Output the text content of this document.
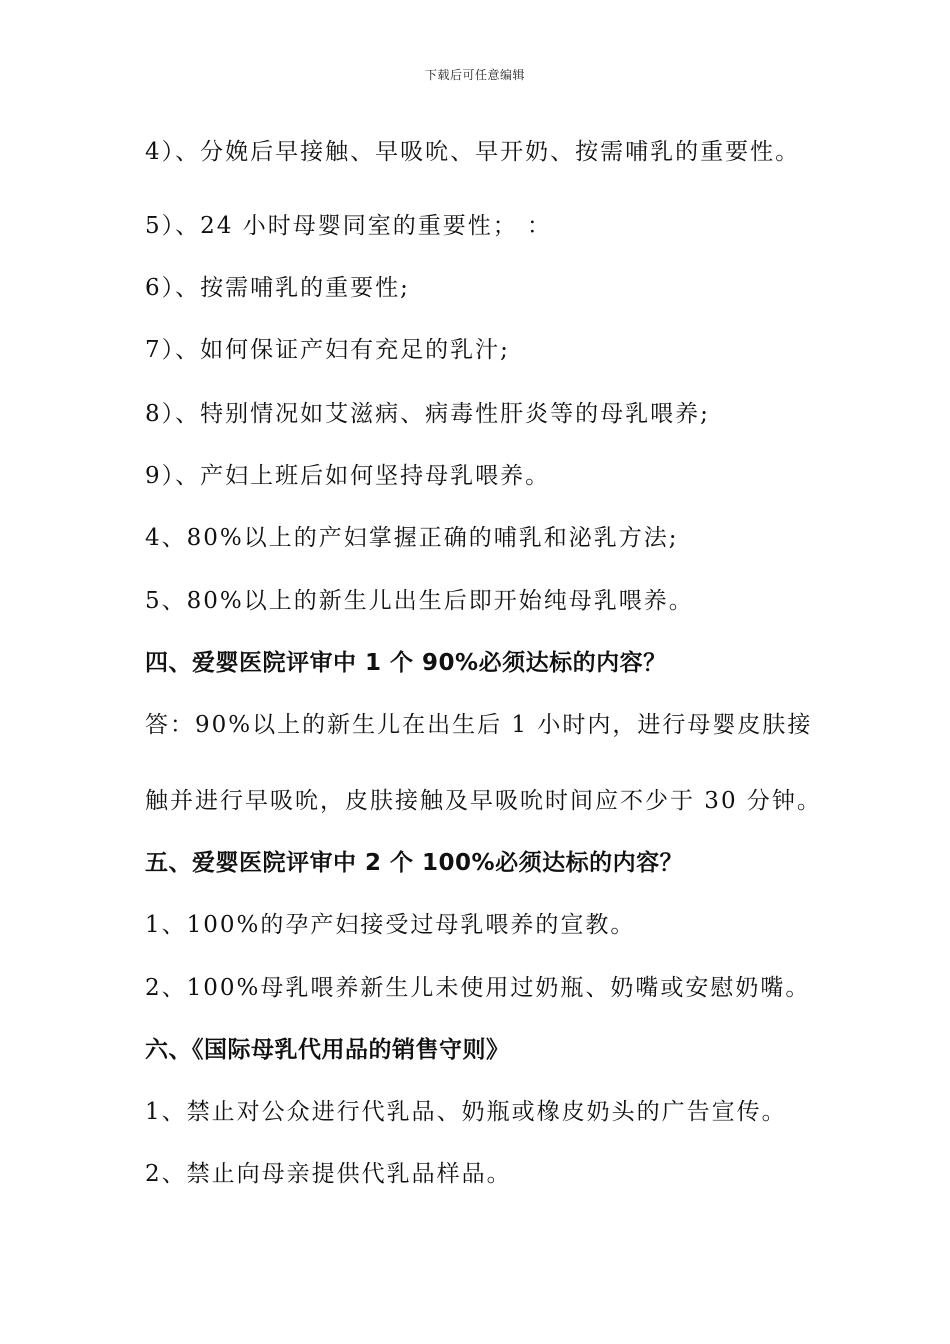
下载后可任意编辑
4）、分娩后早接触、早吸吮、早开奶、按需哺乳的重要性。
5）、24 小时母婴同室的重要性； ：
6）、按需哺乳的重要性;
7）、如何保证产妇有充足的乳汁;
8）、特别情况如艾滋病、病毒性肝炎等的母乳喂养;
9）、产妇上班后如何坚持母乳喂养。
4、80%以上的产妇掌握正确的哺乳和泌乳方法;
5、80%以上的新生儿出生后即开始纯母乳喂养。
四、爱婴医院评审中 1 个 90%必须达标的内容？
答：90%以上的新生儿在出生后 1 小时内，进行母婴皮肤接
触并进行早吸吮，皮肤接触及早吸吮时间应不少于 30 分钟。
五、爱婴医院评审中 2 个 100%必须达标的内容？
1、100%的孕产妇接受过母乳喂养的宣教。
2、100%母乳喂养新生儿未使用过奶瓶、奶嘴或安慰奶嘴。
六、《国际母乳代用品的销售守则》
1、禁止对公众进行代乳品、奶瓶或橡皮奶头的广告宣传。
2、禁止向母亲提供代乳品样品。
